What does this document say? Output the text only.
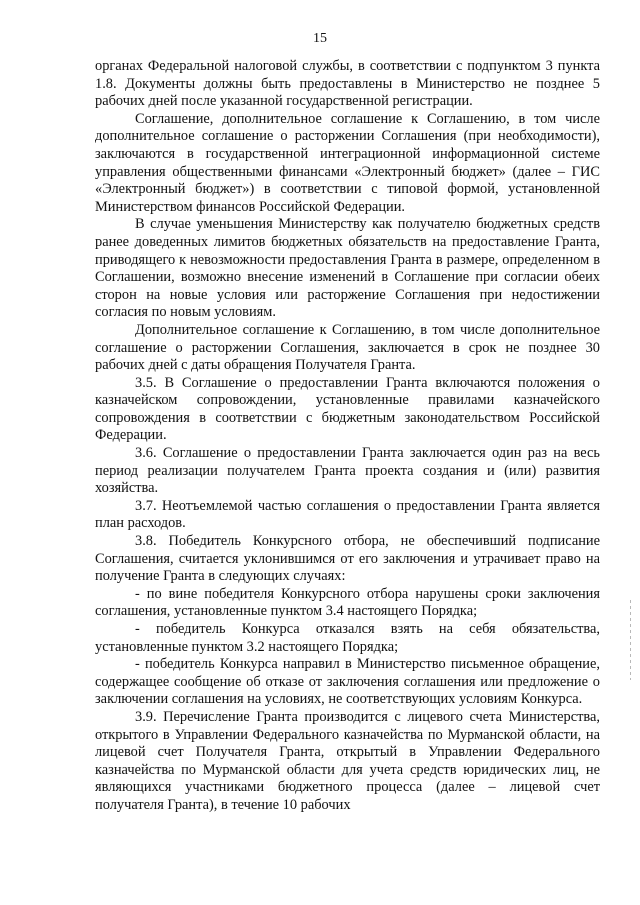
15

органах Федеральной налоговой службы, в соответствии с подпунктом 3 пункта 1.8. Документы должны быть предоставлены в Министерство не позднее 5 рабочих дней после указанной государственной регистрации.

Соглашение, дополнительное соглашение к Соглашению, в том числе дополнительное соглашение о расторжении Соглашения (при необходимости), заключаются в государственной интеграционной информационной системе управления общественными финансами «Электронный бюджет» (далее – ГИС «Электронный бюджет») в соответствии с типовой формой, установленной Министерством финансов Российской Федерации.

В случае уменьшения Министерству как получателю бюджетных средств ранее доведенных лимитов бюджетных обязательств на предоставление Гранта, приводящего к невозможности предоставления Гранта в размере, определенном в Соглашении, возможно внесение изменений в Соглашение при согласии обеих сторон на новые условия или расторжение Соглашения при недостижении согласия по новым условиям.

Дополнительное соглашение к Соглашению, в том числе дополнительное соглашение о расторжении Соглашения, заключается в срок не позднее 30 рабочих дней с даты обращения Получателя Гранта.

3.5. В Соглашение о предоставлении Гранта включаются положения о казначейском сопровождении, установленные правилами казначейского сопровождения в соответствии с бюджетным законодательством Российской Федерации.

3.6. Соглашение о предоставлении Гранта заключается один раз на весь период реализации получателем Гранта проекта создания и (или) развития хозяйства.

3.7. Неотъемлемой частью соглашения о предоставлении Гранта является план расходов.

3.8. Победитель Конкурсного отбора, не обеспечивший подписание Соглашения, считается уклонившимся от его заключения и утрачивает право на получение Гранта в следующих случаях:

- по вине победителя Конкурсного отбора нарушены сроки заключения соглашения, установленные пунктом 3.4 настоящего Порядка;

- победитель Конкурса отказался взять на себя обязательства, установленные пунктом 3.2 настоящего Порядка;

- победитель Конкурса направил в Министерство письменное обращение, содержащее сообщение об отказе от заключения соглашения или предложение о заключении соглашения на условиях, не соответствующих условиям Конкурса.

3.9. Перечисление Гранта производится с лицевого счета Министерства, открытого в Управлении Федерального казначейства по Мурманской области, на лицевой счет Получателя Гранта, открытый в Управлении Федерального казначейства по Мурманской области для учета средств юридических лиц, не являющихся участниками бюджетного процесса (далее – лицевой счет получателя Гранта), в течение 10 рабочих
